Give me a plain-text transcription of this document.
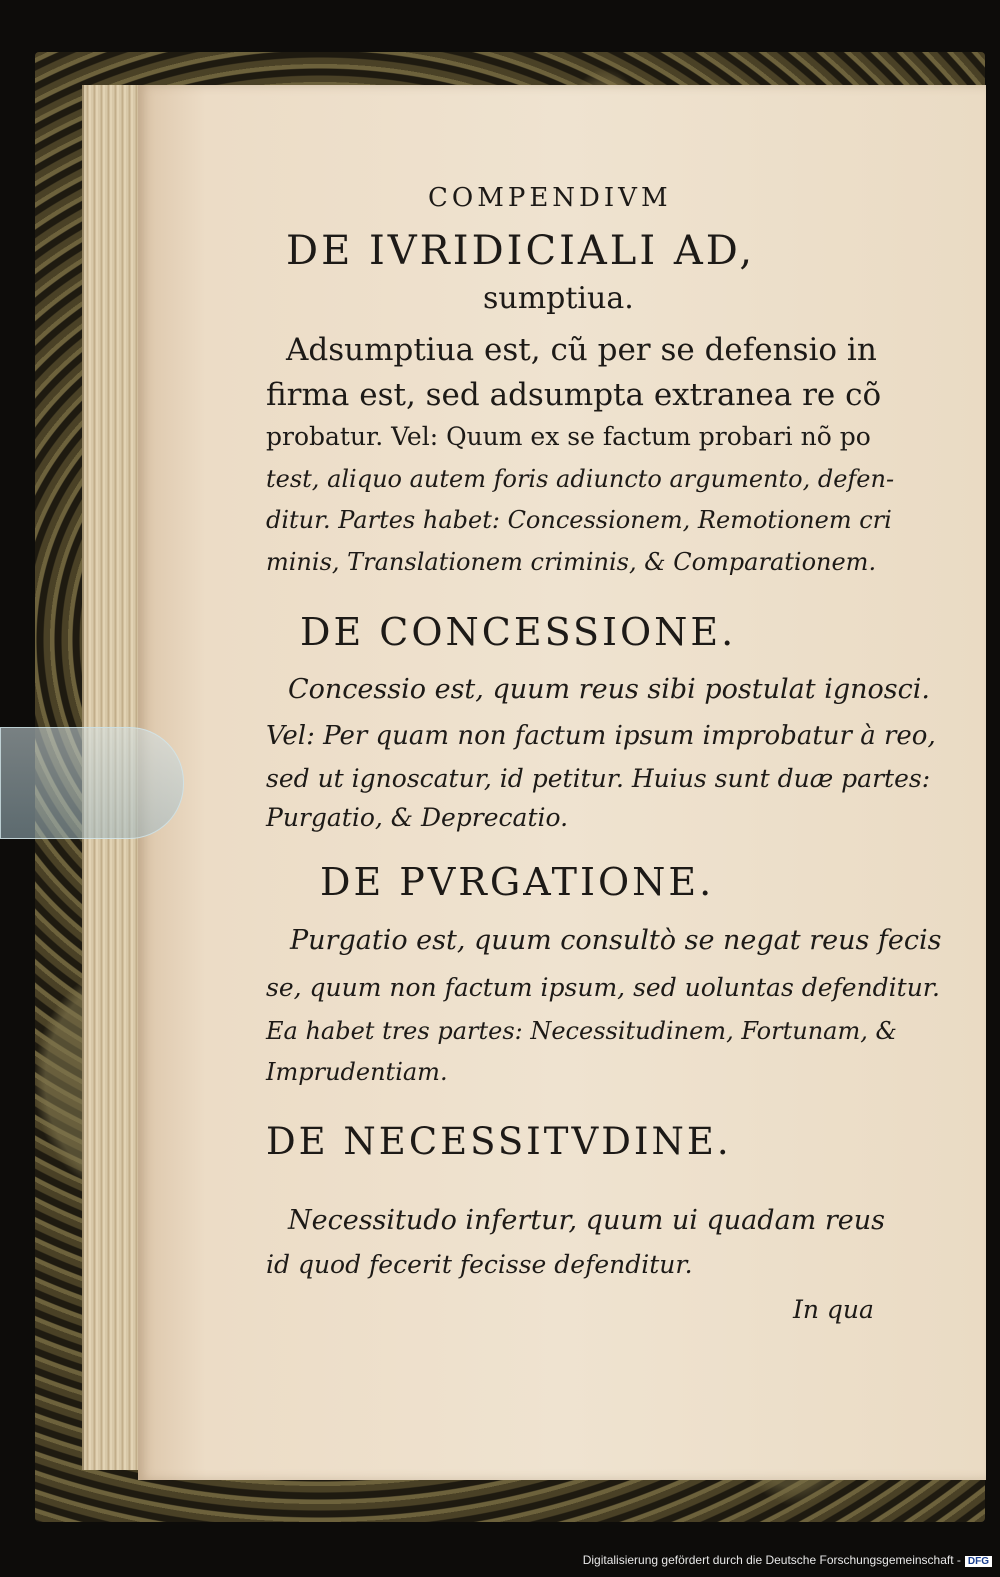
COMPENDIVM
DE IVRIDICIALI AD,
sumptiua.
Adsumptiua est, cũ per se defensio in
firma est, sed adsumpta extranea re cõ
probatur. Vel: Quum ex se factum probari nõ po
test, aliquo autem foris adiuncto argumento, defen-
ditur. Partes habet: Concessionem, Remotionem cri
minis, Translationem criminis, & Comparationem.
DE CONCESSIONE.
Concessio est, quum reus sibi postulat ignosci.
Vel: Per quam non factum ipsum improbatur à reo,
sed ut ignoscatur, id petitur. Huius sunt duæ partes:
Purgatio, & Deprecatio.
DE PVRGATIONE.
Purgatio est, quum consultò se negat reus fecis
se, quum non factum ipsum, sed uoluntas defenditur.
Ea habet tres partes: Necessitudinem, Fortunam, &
Imprudentiam.
DE NECESSITVDINE.
Necessitudo infertur, quum ui quadam reus
id quod fecerit fecisse defenditur.
In qua
Digitalisierung gefördert durch die Deutsche Forschungsgemeinschaft - DFG
